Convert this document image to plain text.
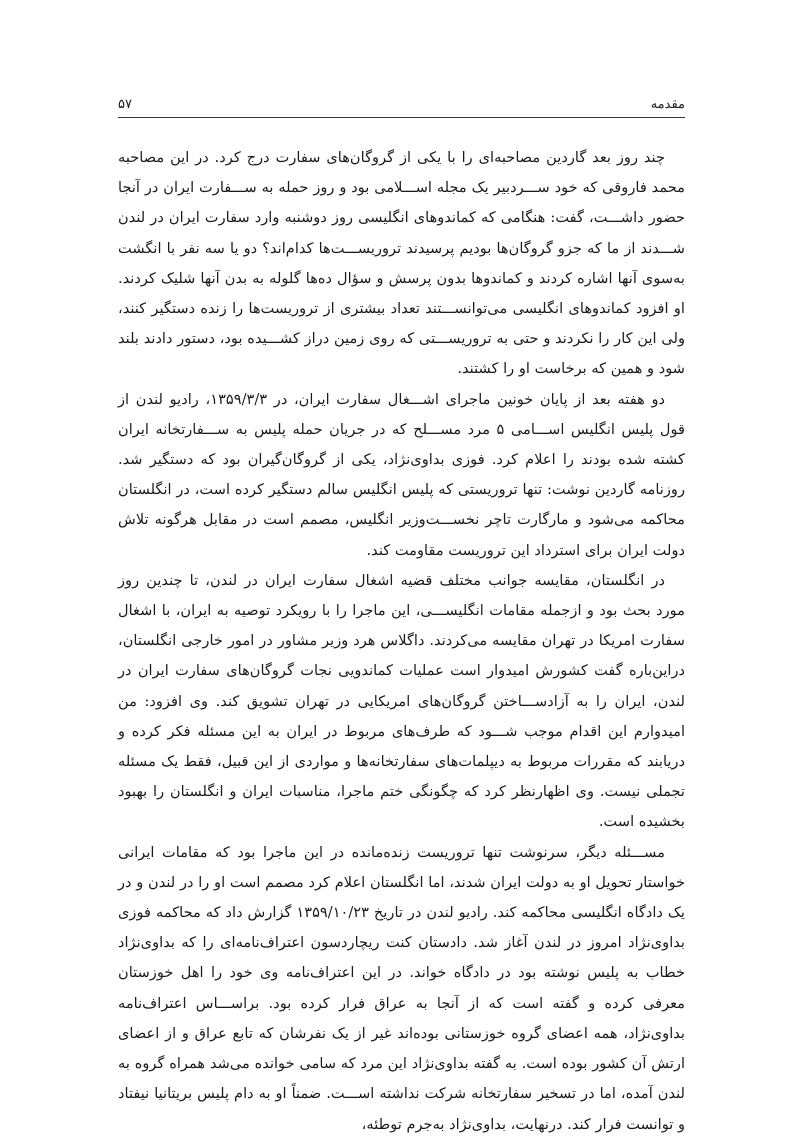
مقدمه
۵۷

چند روز بعد گاردین مصاحبه‌ای را با یکی از گروگان‌های سفارت درج کرد. در این مصاحبه محمد فاروقی که خود ســـردبیر یک مجله اســـلامی بود و روز حمله به ســـفارت ایران در آنجا حضور داشـــت، گفت: هنگامی که کماندوهای انگلیسی روز دوشنبه وارد سفارت ایران در لندن شـــدند از ما که جزو گروگان‌ها بودیم پرسیدند تروریســـت‌ها کدام‌اند؟ دو یا سه نفر با انگشت به‌سوی آنها اشاره کردند و کماندوها بدون پرسش و سؤال ده‌ها گلوله به بدن آنها شلیک کردند. او افزود کماندوهای انگلیسی می‌توانســـتند تعداد بیشتری از تروریست‌ها را زنده دستگیر کنند، ولی این کار را نکردند و حتی به تروریســـتی که روی زمین دراز کشـــیده بود، دستور دادند بلند شود و همین که برخاست او را کشتند.

دو هفته بعد از پایان خونین ماجرای اشـــغال سفارت ایران، در ۱۳۵۹/۳/۳، رادیو لندن از قول پلیس انگلیس اســـامی ۵ مرد مســـلح که در جریان حمله پلیس به ســـفارتخانه ایران کشته شده بودند را اعلام کرد. فوزی بداوی‌نژاد، یکی از گروگان‌گیران بود که دستگیر شد. روزنامه گاردین نوشت: تنها تروریستی که پلیس انگلیس سالم دستگیر کرده است، در انگلستان محاکمه می‌شود و مارگارت تاچر نخســـت‌وزیر انگلیس، مصمم است در مقابل هرگونه تلاش دولت ایران برای استرداد این تروریست مقاومت کند.

در انگلستان، مقایسه جوانب مختلف قضیه اشغال سفارت ایران در لندن، تا چندین روز مورد بحث بود و ازجمله مقامات انگلیســـی، این ماجرا را با رویکرد توصیه به ایران، با اشغال سفارت امریکا در تهران مقایسه می‌کردند. داگلاس هرد وزیر مشاور در امور خارجی انگلستان، دراین‌باره گفت کشورش امیدوار است عملیات کماندویی نجات گروگان‌های سفارت ایران در لندن، ایران را به آزادســـاختن گروگان‌های امریکایی در تهران تشویق کند. وی افزود: من امیدوارم این اقدام موجب شـــود که طرف‌های مربوط در ایران به این مسئله فکر کرده و دریابند که مقررات مربوط به دیپلمات‌های سفارتخانه‌ها و مواردی از این قبیل، فقط یک مسئله تجملی نیست. وی اظهارنظر کرد که چگونگی ختم ماجرا، مناسبات ایران و انگلستان را بهبود بخشیده است.

مســـئله دیگر، سرنوشت تنها تروریست زنده‌مانده در این ماجرا بود که مقامات ایرانی خواستار تحویل او به دولت ایران شدند، اما انگلستان اعلام کرد مصمم است او را در لندن و در یک دادگاه انگلیسی محاکمه کند. رادیو لندن در تاریخ ۱۳۵۹/۱۰/۲۳ گزارش داد که محاکمه فوزی بداوی‌نژاد امروز در لندن آغاز شد. دادستان کنت ریچاردسون اعتراف‌نامه‌ای را که بداوی‌نژاد خطاب به پلیس نوشته بود در دادگاه خواند. در این اعتراف‌نامه وی خود را اهل خوزستان معرفی کرده و گفته است که از آنجا به عراق فرار کرده بود. براســـاس اعتراف‌نامه بداوی‌نژاد، همه اعضای گروه خوزستانی بوده‌اند غیر از یک نفرشان که تابع عراق و از اعضای ارتش آن کشور بوده است. به گفته بداوی‌نژاد این مرد که سامی خوانده می‌شد همراه گروه به لندن آمده، اما در تسخیر سفارتخانه شرکت نداشته اســـت. ضمناً او به دام پلیس بریتانیا نیفتاد و توانست فرار کند. درنهایت، بداوی‌نژاد به‌جرم توطئه،
